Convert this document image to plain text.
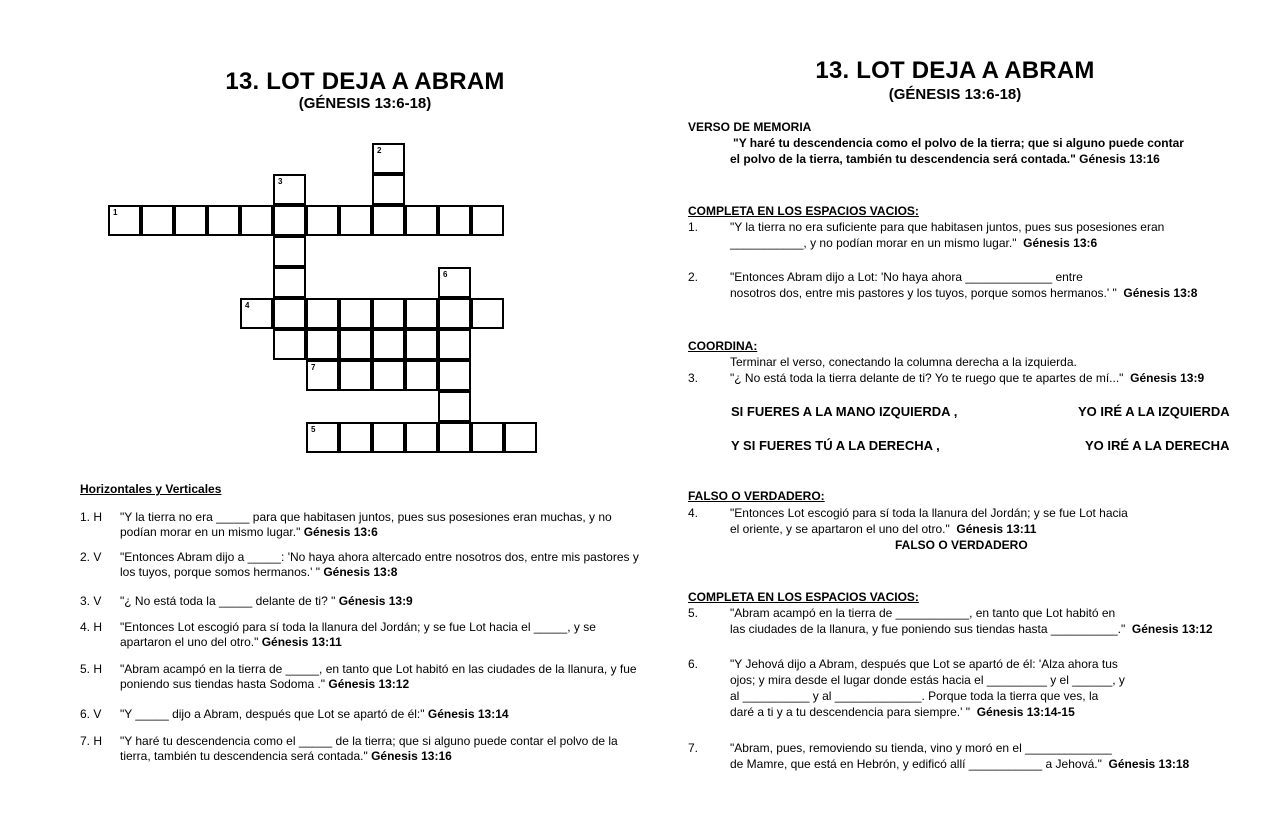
13. LOT DEJA A ABRAM
(GÉNESIS 13:6-18)
1
2
3
4
5
6
7
Horizontales y Verticales
1. H "Y la tierra no era _____ para que habitasen juntos, pues sus posesiones eran muchas, y no podían morar en un mismo lugar." Génesis 13:6
2. V "Entonces Abram dijo a _____: 'No haya ahora altercado entre nosotros dos, entre mis pastores y los tuyos, porque somos hermanos.' " Génesis 13:8
3. V "¿ No está toda la _____ delante de ti? " Génesis 13:9
4. H "Entonces Lot escogió para sí toda la llanura del Jordán; y se fue Lot hacia el _____, y se apartaron el uno del otro." Génesis 13:11
5. H "Abram acampó en la tierra de _____, en tanto que Lot habitó en las ciudades de la llanura, y fue poniendo sus tiendas hasta Sodoma ." Génesis 13:12
6. V "Y _____ dijo a Abram, después que Lot se apartó de él:" Génesis 13:14
7. H "Y haré tu descendencia como el _____ de la tierra; que si alguno puede contar el polvo de la tierra, también tu descendencia será contada." Génesis 13:16
13. LOT DEJA A ABRAM
(GÉNESIS 13:6-18)
VERSO DE MEMORIA
"Y haré tu descendencia como el polvo de la tierra; que si alguno puede contar
el polvo de la tierra, también tu descendencia será contada." Génesis 13:16
COMPLETA EN LOS ESPACIOS VACIOS:
1.	"Y la tierra no era suficiente para que habitasen juntos, pues sus posesiones eran
___________, y no podían morar en un mismo lugar." Génesis 13:6
2.	"Entonces Abram dijo a Lot: 'No haya ahora _____________ entre
nosotros dos, entre mis pastores y los tuyos, porque somos hermanos.' " Génesis 13:8
COORDINA:
Terminar el verso, conectando la columna derecha a la izquierda.
3.	"¿ No está toda la tierra delante de ti? Yo te ruego que te apartes de mí..." Génesis 13:9
SI FUERES A LA MANO IZQUIERDA ,	YO IRÉ A LA IZQUIERDA
Y SI FUERES TÚ A LA DERECHA ,	YO IRÉ A LA DERECHA
FALSO O VERDADERO:
4.	"Entonces Lot escogió para sí toda la llanura del Jordán; y se fue Lot hacia
el oriente, y se apartaron el uno del otro." Génesis 13:11
FALSO O VERDADERO
COMPLETA EN LOS ESPACIOS VACIOS:
5.	"Abram acampó en la tierra de ___________, en tanto que Lot habitó en
las ciudades de la llanura, y fue poniendo sus tiendas hasta __________." Génesis 13:12
6.	"Y Jehová dijo a Abram, después que Lot se apartó de él: 'Alza ahora tus
ojos; y mira desde el lugar donde estás hacia el _________ y el ______, y
al __________ y al _____________. Porque toda la tierra que ves, la
daré a ti y a tu descendencia para siempre.' " Génesis 13:14-15
7.	"Abram, pues, removiendo su tienda, vino y moró en el _____________
de Mamre, que está en Hebrón, y edificó allí ___________ a Jehová." Génesis 13:18
